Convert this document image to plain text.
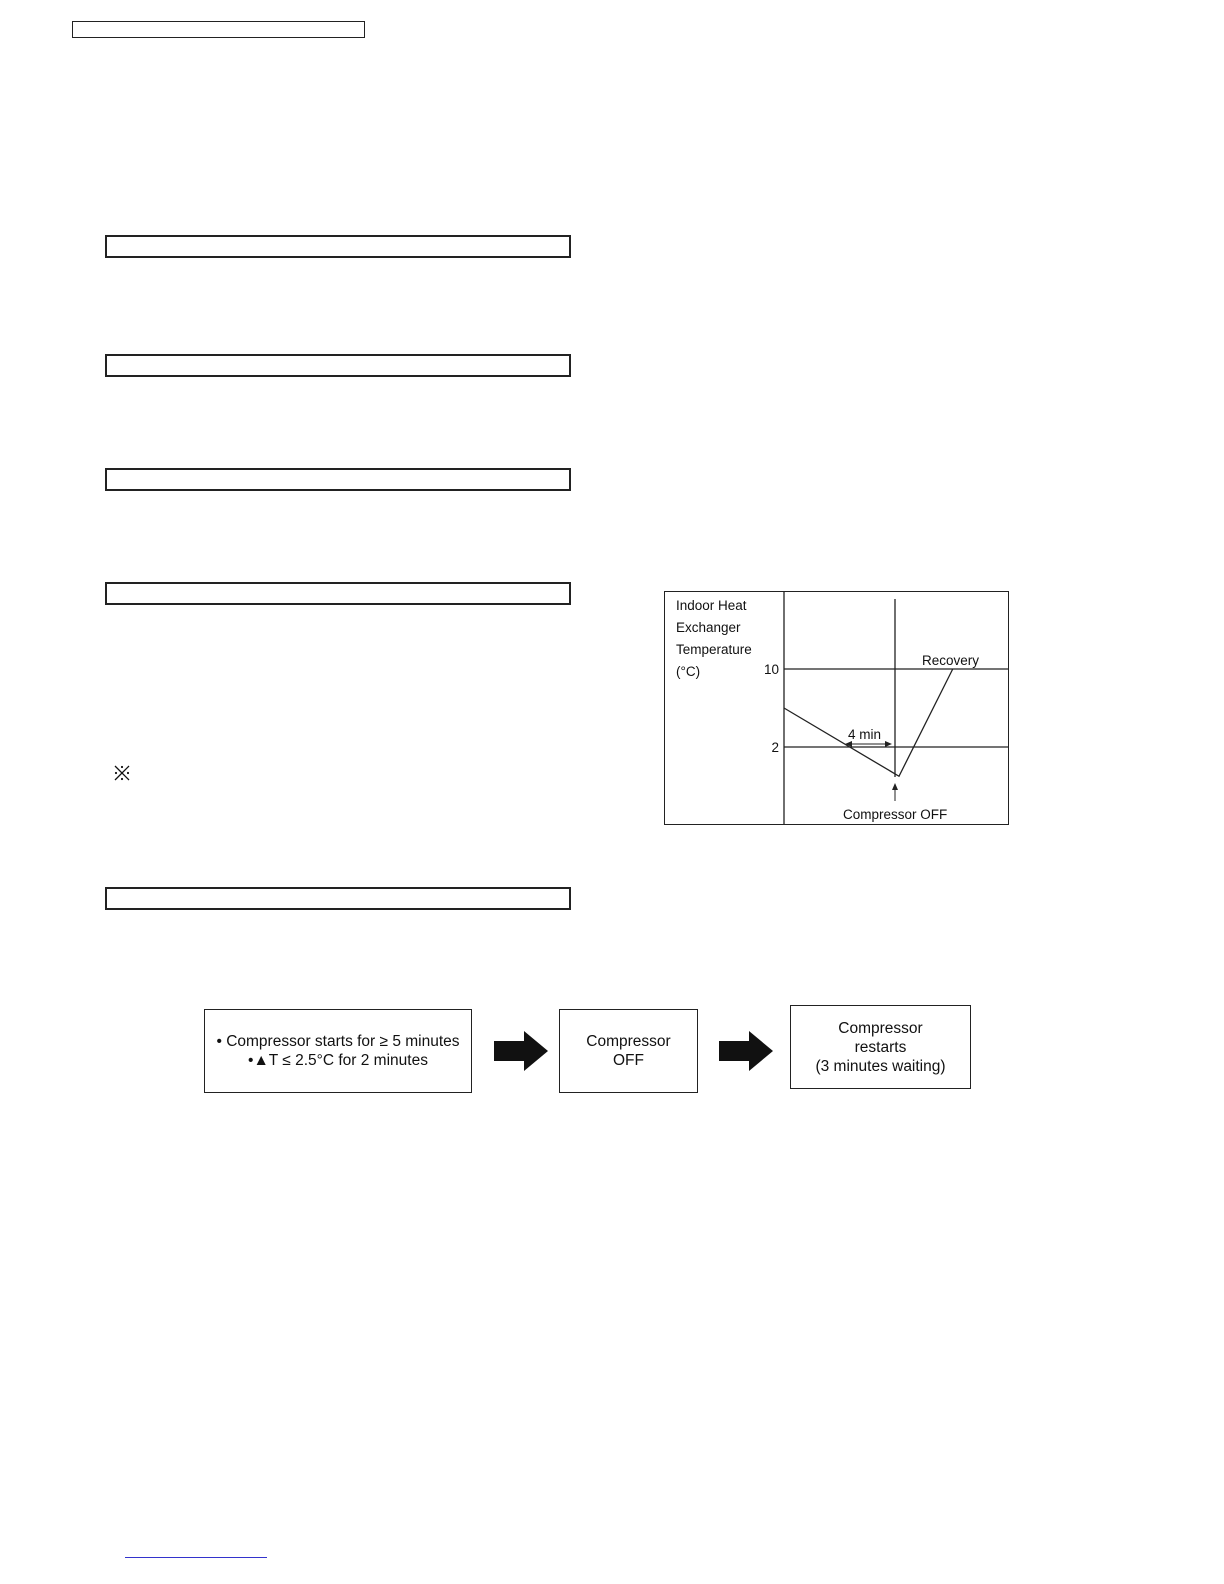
Indoor Heat
Exchanger
Temperature
(°C)	10
2
4 min
Compressor OFF
Recovery
• Compressor starts for ≥ 5 minutes
•▲T ≤ 2.5°C for 2 minutes
Compressor
OFF
Compressor
restarts
(3 minutes waiting)
